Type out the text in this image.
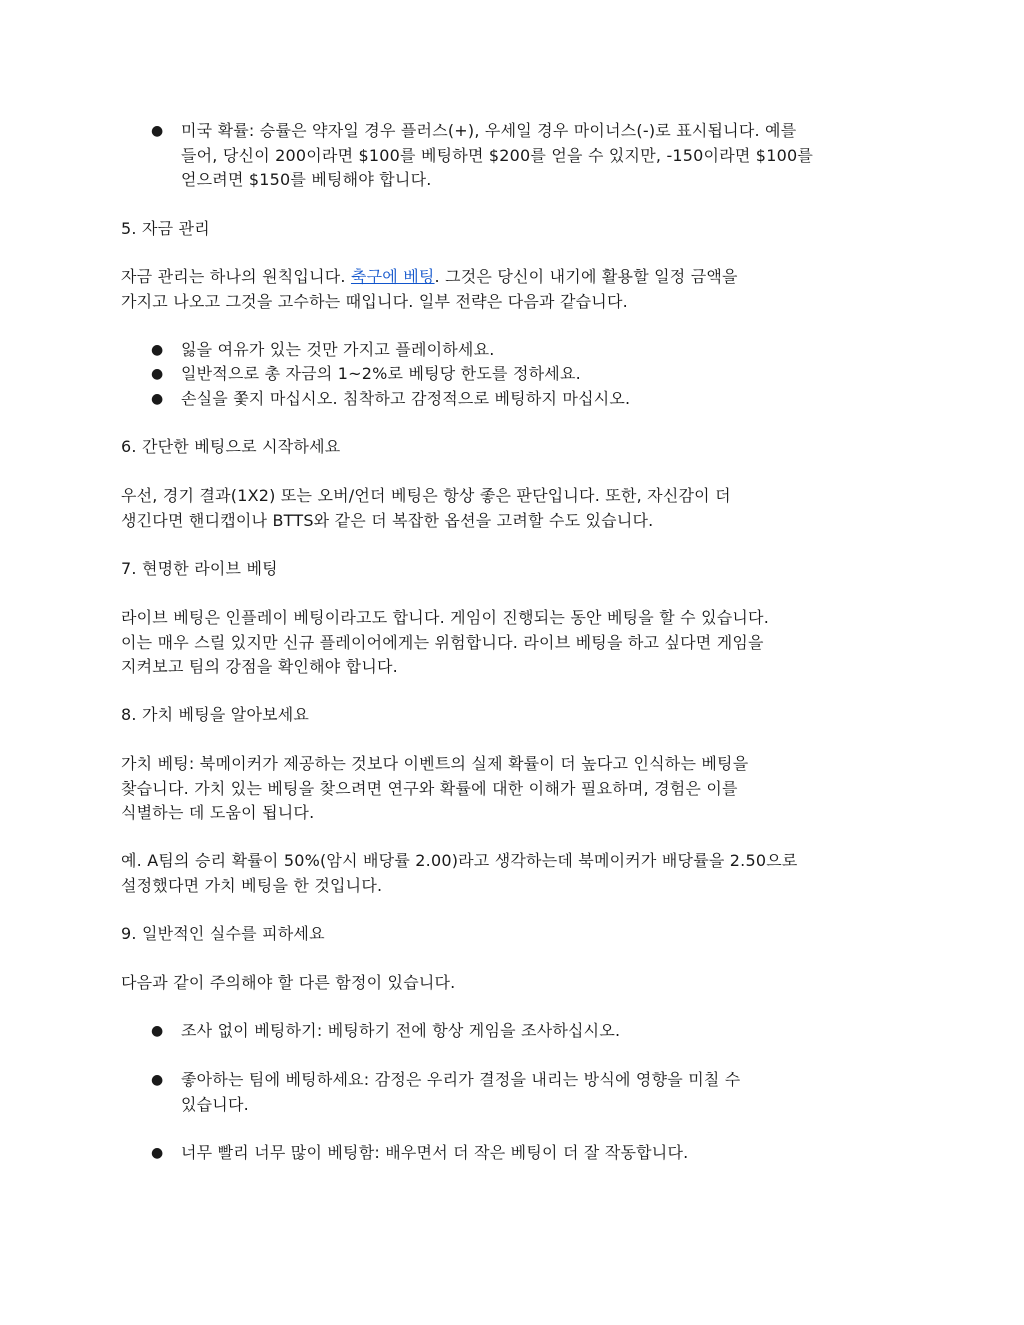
●	미국 확률: 승률은 약자일 경우 플러스(+), 우세일 경우 마이너스(-)로 표시됩니다. 예를
들어, 당신이 200이라면 $100를 베팅하면 $200를 얻을 수 있지만, -150이라면 $100를
얻으려면 $150를 베팅해야 합니다.
5. 자금 관리
자금 관리는 하나의 원칙입니다. 축구에 베팅. 그것은 당신이 내기에 활용할 일정 금액을
가지고 나오고 그것을 고수하는 때입니다. 일부 전략은 다음과 같습니다.
●	잃을 여유가 있는 것만 가지고 플레이하세요.
●	일반적으로 총 자금의 1~2%로 베팅당 한도를 정하세요.
●	손실을 쫓지 마십시오. 침착하고 감정적으로 베팅하지 마십시오.
6. 간단한 베팅으로 시작하세요
우선, 경기 결과(1X2) 또는 오버/언더 베팅은 항상 좋은 판단입니다. 또한, 자신감이 더
생긴다면 핸디캡이나 BTTS와 같은 더 복잡한 옵션을 고려할 수도 있습니다.
7. 현명한 라이브 베팅
라이브 베팅은 인플레이 베팅이라고도 합니다. 게임이 진행되는 동안 베팅을 할 수 있습니다.
이는 매우 스릴 있지만 신규 플레이어에게는 위험합니다. 라이브 베팅을 하고 싶다면 게임을
지켜보고 팀의 강점을 확인해야 합니다.
8. 가치 베팅을 알아보세요
가치 베팅: 북메이커가 제공하는 것보다 이벤트의 실제 확률이 더 높다고 인식하는 베팅을
찾습니다. 가치 있는 베팅을 찾으려면 연구와 확률에 대한 이해가 필요하며, 경험은 이를
식별하는 데 도움이 됩니다.
예. A팀의 승리 확률이 50%(암시 배당률 2.00)라고 생각하는데 북메이커가 배당률을 2.50으로
설정했다면 가치 베팅을 한 것입니다.
9. 일반적인 실수를 피하세요
다음과 같이 주의해야 할 다른 함정이 있습니다.
●	조사 없이 베팅하기: 베팅하기 전에 항상 게임을 조사하십시오.
●	좋아하는 팀에 베팅하세요: 감정은 우리가 결정을 내리는 방식에 영향을 미칠 수
있습니다.
●	너무 빨리 너무 많이 베팅함: 배우면서 더 작은 베팅이 더 잘 작동합니다.
